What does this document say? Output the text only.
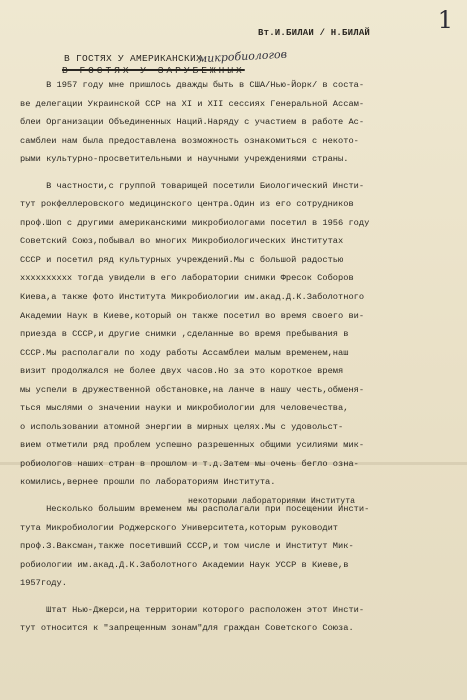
1
Вт.И.БИЛАИ / Н.БИЛАЙ
В ГОСТЯХ У АМЕРИКАНСКИХ
микробиологов
В ГОСТЯХ У ЗАРУБЕЖНЫХ
В 1957 году мне пришлось дважды быть в США/Нью-Йорк/ в соста-
ве делегации Украинской ССР на XI и XII сессиях Генеральной Ассам-
блеи Организации Объединенных Наций.Наряду с участием в работе Ас-
самблеи нам была предоставлена возможность ознакомиться с некото-
рыми культурно-просветительными и научными учреждениями страны.
В частности,с группой товарищей посетили Биологический Инсти-
тут рокфеллеровского медицинского центра.Один из его сотрудников
проф.Шоп с другими американскими микробиологами посетил в 1956 году
Советский Союз,побывал во многих Микробиологических Институтах
СССР и посетил ряд культурных учреждений.Мы с большой радостью
xxxxxxxxxx тогда увидели в его лаборатории снимки Фресок Соборов
Киева,а также фото Института Микробиологии им.акад.Д.К.Заболотного
Академии Наук в Киеве,который он также посетил во время своего ви-
приезда в СССР,и другие снимки ,сделанные во время пребывания в
СССР.Мы располагали по ходу работы Ассамблеи малым временем,наш
визит продолжался не более двух часов.Но за это короткое время
мы успели в дружественной обстановке,на ланче в нашу честь,обменя-
ться мыслями о значении науки и микробиологии для человечества,
о использовании атомной энергии в мирных целях.Мы с удовольст-
вием отметили ряд проблем успешно разрешенных общими усилиями мик-
робиологов наших стран в прошлом и т.д.Затем мы очень бегло озна-
комились,вернее прошли по лабораториям Института.
Несколько большим временем мы располагали при посещении Инсти-
тута Микробиологии Роджерского Университета,которым руководит
проф.З.Ваксман,также посетивший СССР,и том числе и Институт Мик-
робиологии им.акад.Д.К.Заболотного Академии Наук УССР в Киеве,в
1957году.
Штат Нью-Джерси,на территории которого расположен этот Инсти-
тут относится к "запрещенным зонам"для граждан Советского Союза.
некоторыми лабораториями Института
